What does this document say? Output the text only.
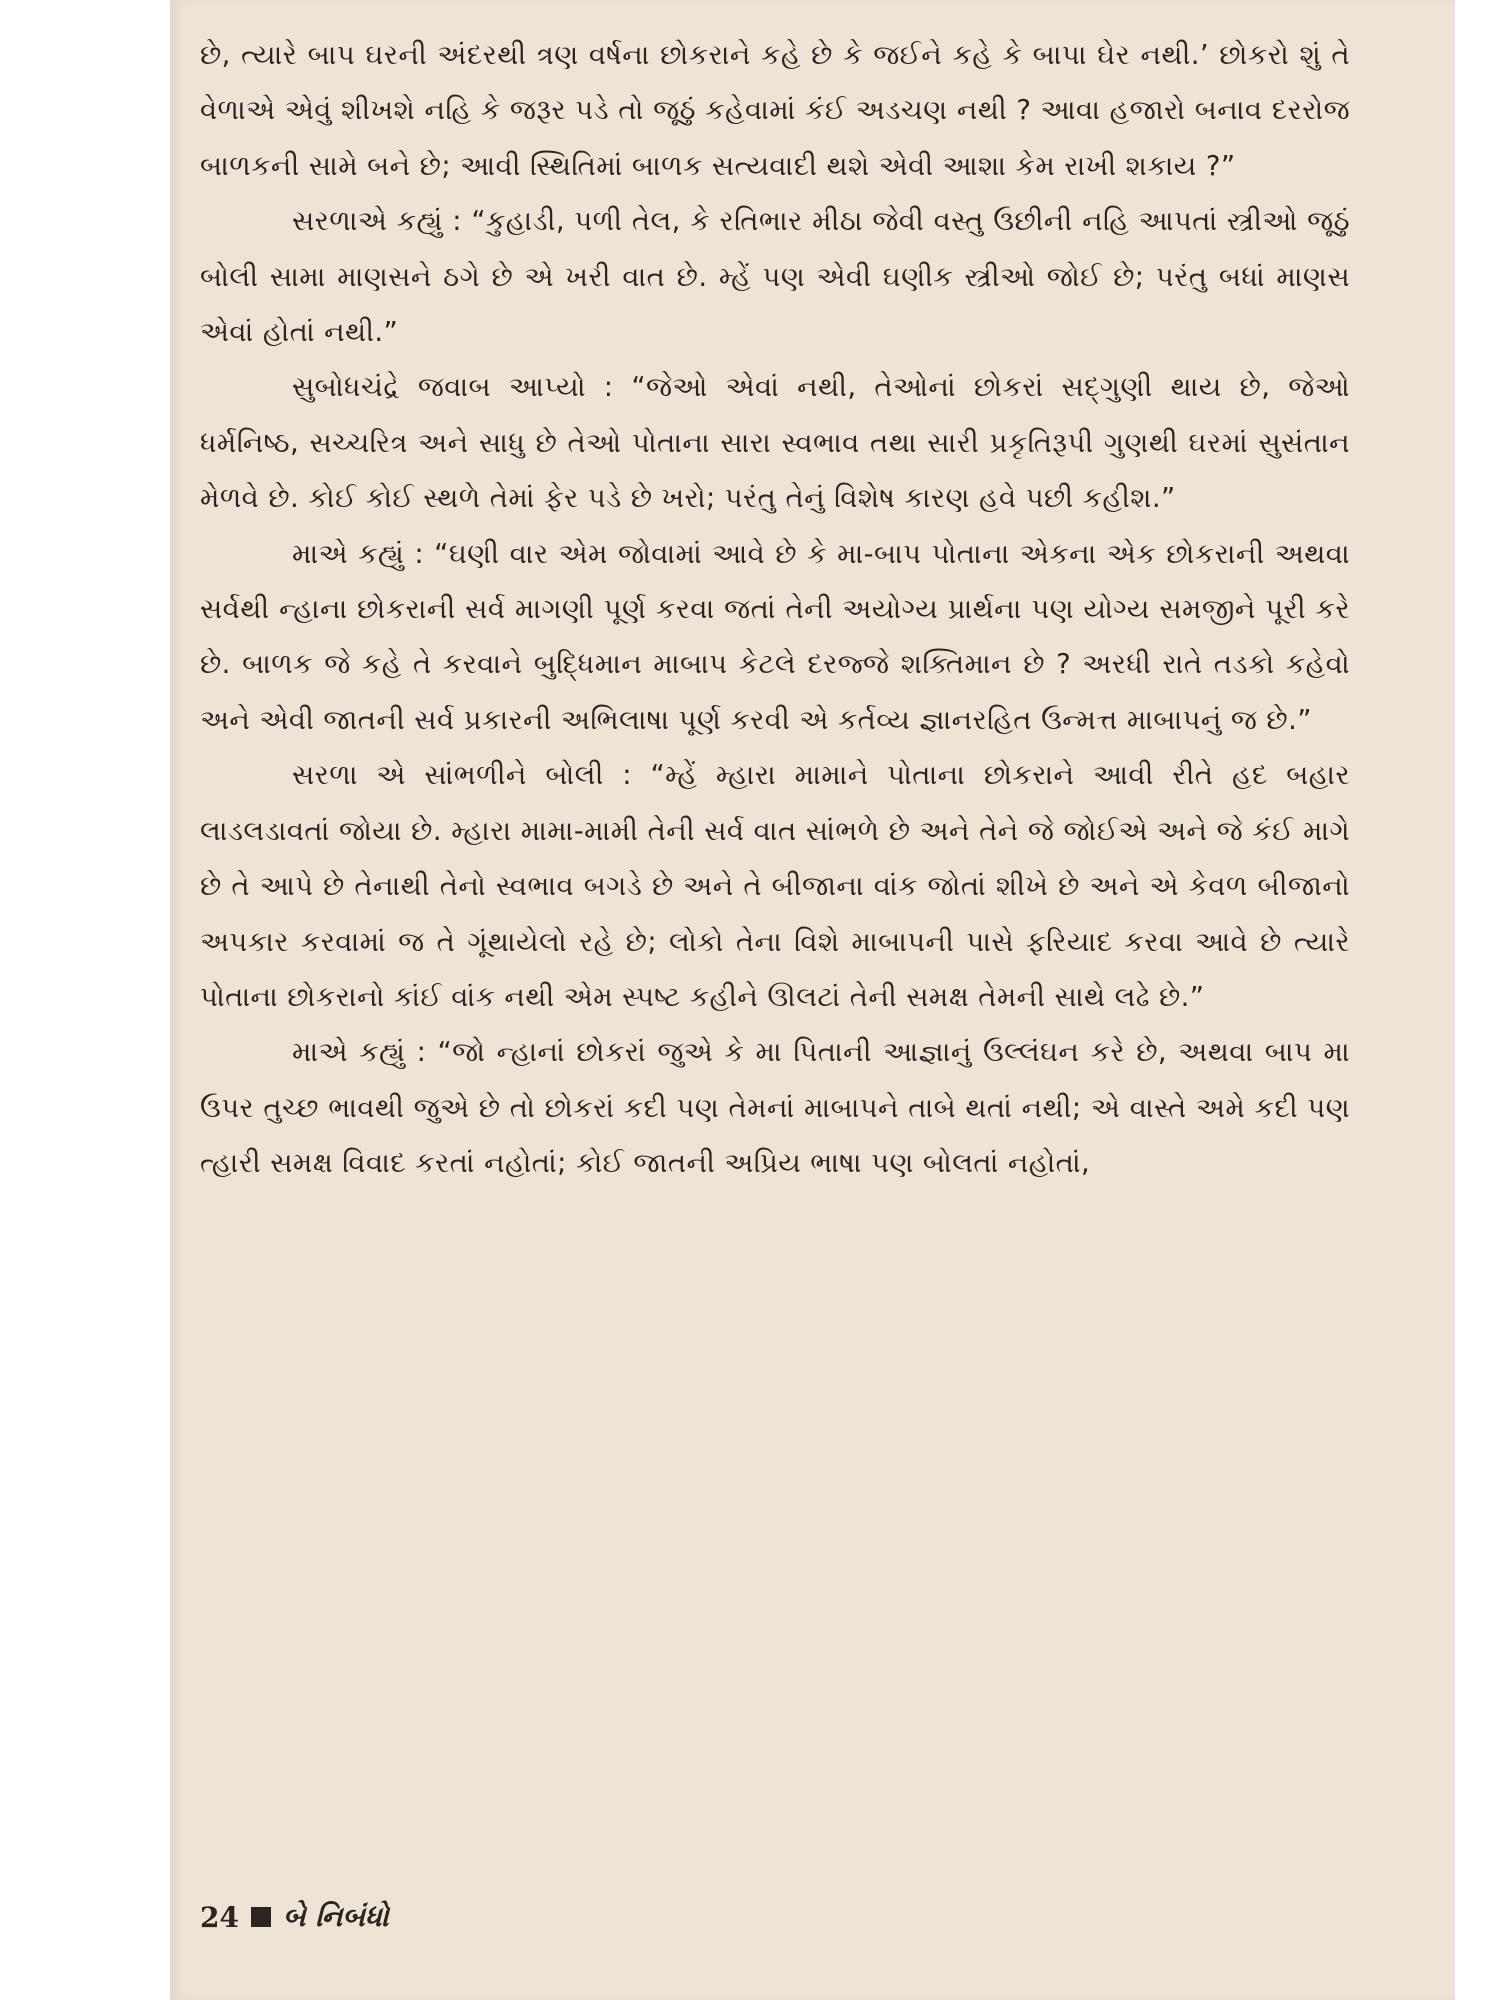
છે, ત્યારે બાપ ઘરની અંદરથી ત્રણ વર્ષના છોકરાને કહે છે કે જઈને કહે કે બાપા ઘેર નથી.’ છોકરો શું તે વેળાએ એવું શીખશે નહિ કે જરૂર પડે તો જૂઠું કહેવામાં કંઈ અડચણ નથી ? આવા હજારો બનાવ દરરોજ બાળકની સામે બને છે; આવી સ્થિતિમાં બાળક સત્યવાદી થશે એવી આશા કેમ રાખી શકાય ?”

સરળાએ કહ્યું : “કુહાડી, પળી તેલ, કે રતિભાર મીઠા જેવી વસ્તુ ઉછીની નહિ આપતાં સ્ત્રીઓ જૂઠું બોલી સામા માણસને ઠગે છે એ ખરી વાત છે. મ્હેં પણ એવી ઘણીક સ્ત્રીઓ જોઈ છે; પરંતુ બધાં માણસ એવાં હોતાં નથી.”

સુબોધચંદ્રે જવાબ આપ્યો : “જેઓ એવાં નથી, તેઓનાં છોકરાં સદ્‌ગુણી થાય છે, જેઓ ધર્મનિષ્ઠ, સચ્ચરિત્ર અને સાધુ છે તેઓ પોતાના સારા સ્વભાવ તથા સારી પ્રકૃતિરૂપી ગુણથી ઘરમાં સુસંતાન મેળવે છે. કોઈ કોઈ સ્થળે તેમાં ફેર પડે છે ખરો; પરંતુ તેનું વિશેષ કારણ હવે પછી કહીશ.”

માએ કહ્યું : “ઘણી વાર એમ જોવામાં આવે છે કે મા-બાપ પોતાના એકના એક છોકરાની અથવા સર્વથી ન્હાના છોકરાની સર્વ માગણી પૂર્ણ કરવા જતાં તેની અયોગ્ય પ્રાર્થના પણ યોગ્ય સમજીને પૂરી કરે છે. બાળક જે કહે તે કરવાને બુદ્ધિમાન માબાપ કેટલે દરજ્જે શક્તિમાન છે ? અરધી રાતે તડકો કહેવો અને એવી જાતની સર્વ પ્રકારની અભિલાષા પૂર્ણ કરવી એ કર્તવ્ય જ્ઞાનરહિત ઉન્મત્ત માબાપનું જ છે.”

સરળા એ સાંભળીને બોલી : “મ્હેં મ્હારા મામાને પોતાના છોકરાને આવી રીતે હદ બહાર લાડલડાવતાં જોયા છે. મ્હારા મામા-મામી તેની સર્વ વાત સાંભળે છે અને તેને જે જોઈએ અને જે કંઈ માગે છે તે આપે છે તેનાથી તેનો સ્વભાવ બગડે છે અને તે બીજાના વાંક જોતાં શીખે છે અને એ કેવળ બીજાનો અપકાર કરવામાં જ તે ગૂંથાયેલો રહે છે; લોકો તેના વિશે માબાપની પાસે ફરિયાદ કરવા આવે છે ત્યારે પોતાના છોકરાનો કાંઈ વાંક નથી એમ સ્પષ્ટ કહીને ઊલટાં તેની સમક્ષ તેમની સાથે લઢે છે.”

માએ કહ્યું : “જો ન્હાનાં છોકરાં જુએ કે મા પિતાની આજ્ઞાનું ઉલ્લંઘન કરે છે, અથવા બાપ મા ઉપર તુચ્છ ભાવથી જુએ છે તો છોકરાં કદી પણ તેમનાં માબાપને તાબે થતાં નથી; એ વાસ્તે અમે કદી પણ ત્હારી સમક્ષ વિવાદ કરતાં નહોતાં; કોઈ જાતની અપ્રિય ભાષા પણ બોલતાં નહોતાં,

24 બે નિબંધો
